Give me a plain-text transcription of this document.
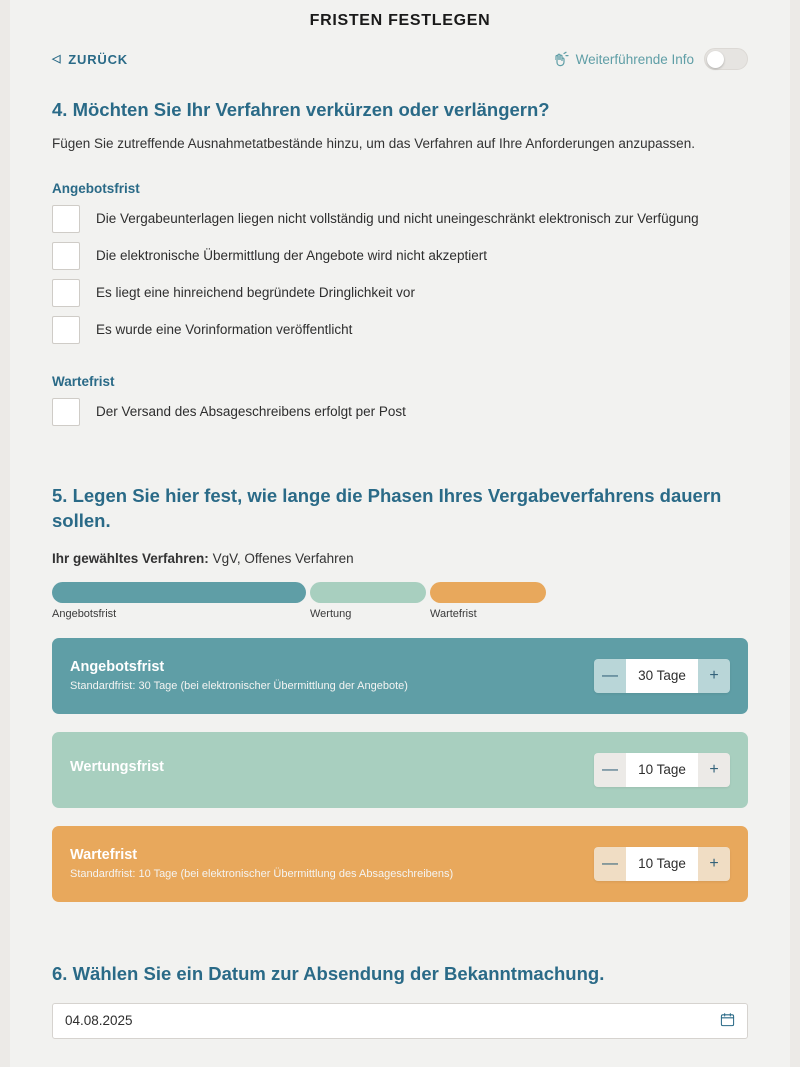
FRISTEN FESTLEGEN
◁ ZURÜCK	Weiterführende Info
4. Möchten Sie Ihr Verfahren verkürzen oder verlängern?
Fügen Sie zutreffende Ausnahmetatbestände hinzu, um das Verfahren auf Ihre Anforderungen anzupassen.
Angebotsfrist
Die Vergabeunterlagen liegen nicht vollständig und nicht uneingeschränkt elektronisch zur Verfügung
Die elektronische Übermittlung der Angebote wird nicht akzeptiert
Es liegt eine hinreichend begründete Dringlichkeit vor
Es wurde eine Vorinformation veröffentlicht
Wartefrist
Der Versand des Absageschreibens erfolgt per Post
5. Legen Sie hier fest, wie lange die Phasen Ihres Vergabeverfahrens dauern sollen.
Ihr gewähltes Verfahren: VgV, Offenes Verfahren
Angebotsfrist	Wertung	Wartefrist
Angebotsfrist
Standardfrist: 30 Tage (bei elektronischer Übermittlung der Angebote)
—	30 Tage	+
Wertungsfrist	—	10 Tage	+
Wartefrist
Standardfrist: 10 Tage (bei elektronischer Übermittlung des Absageschreibens)
—	10 Tage	+
6. Wählen Sie ein Datum zur Absendung der Bekanntmachung.
04.08.2025
